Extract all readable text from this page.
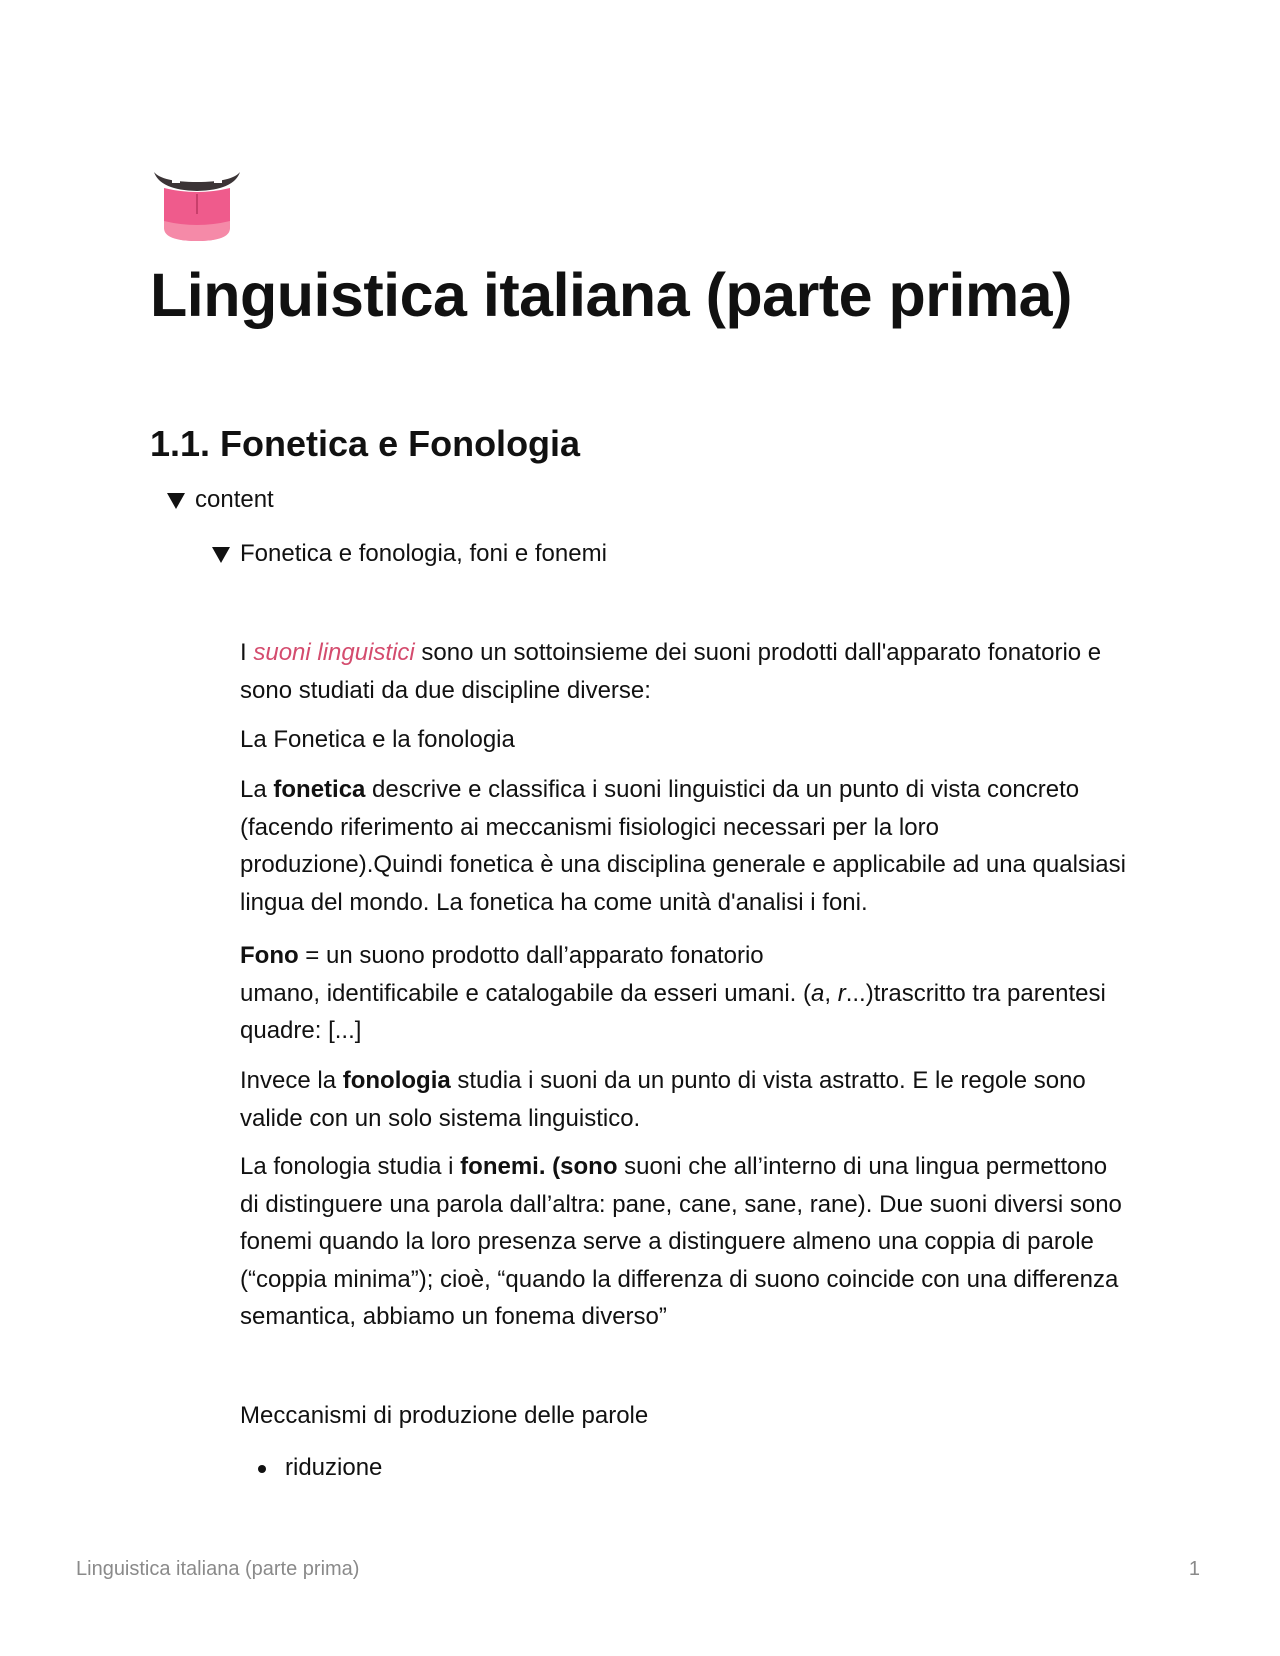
Linguistica italiana (parte prima)
1.1. Fonetica e Fonologia
content
Fonetica e fonologia, foni e fonemi

I suoni linguistici sono un sottoinsieme dei suoni prodotti dall'apparato fonatorio e sono studiati da due discipline diverse:

La Fonetica e la fonologia

La fonetica descrive e classifica i suoni linguistici da un punto di vista concreto (facendo riferimento ai meccanismi fisiologici necessari per la loro produzione).Quindi fonetica è una disciplina generale e applicabile ad una qualsiasi lingua del mondo. La fonetica ha come unità d'analisi i foni.

Fono = un suono prodotto dall’apparato fonatorio
umano, identificabile e catalogabile da esseri umani. (a, r...)trascritto tra parentesi quadre: [...]

Invece la fonologia studia i suoni da un punto di vista astratto. E le regole sono valide con un solo sistema linguistico.

La fonologia studia i fonemi. (sono suoni che all’interno di una lingua permettono di distinguere una parola dall’altra: pane, cane, sane, rane). Due suoni diversi sono fonemi quando la loro presenza serve a distinguere almeno una coppia di parole (“coppia minima”); cioè, “quando la differenza di suono coincide con una differenza semantica, abbiamo un fonema diverso”

Meccanismi di produzione delle parole

riduzione
Linguistica italiana (parte prima)	1
